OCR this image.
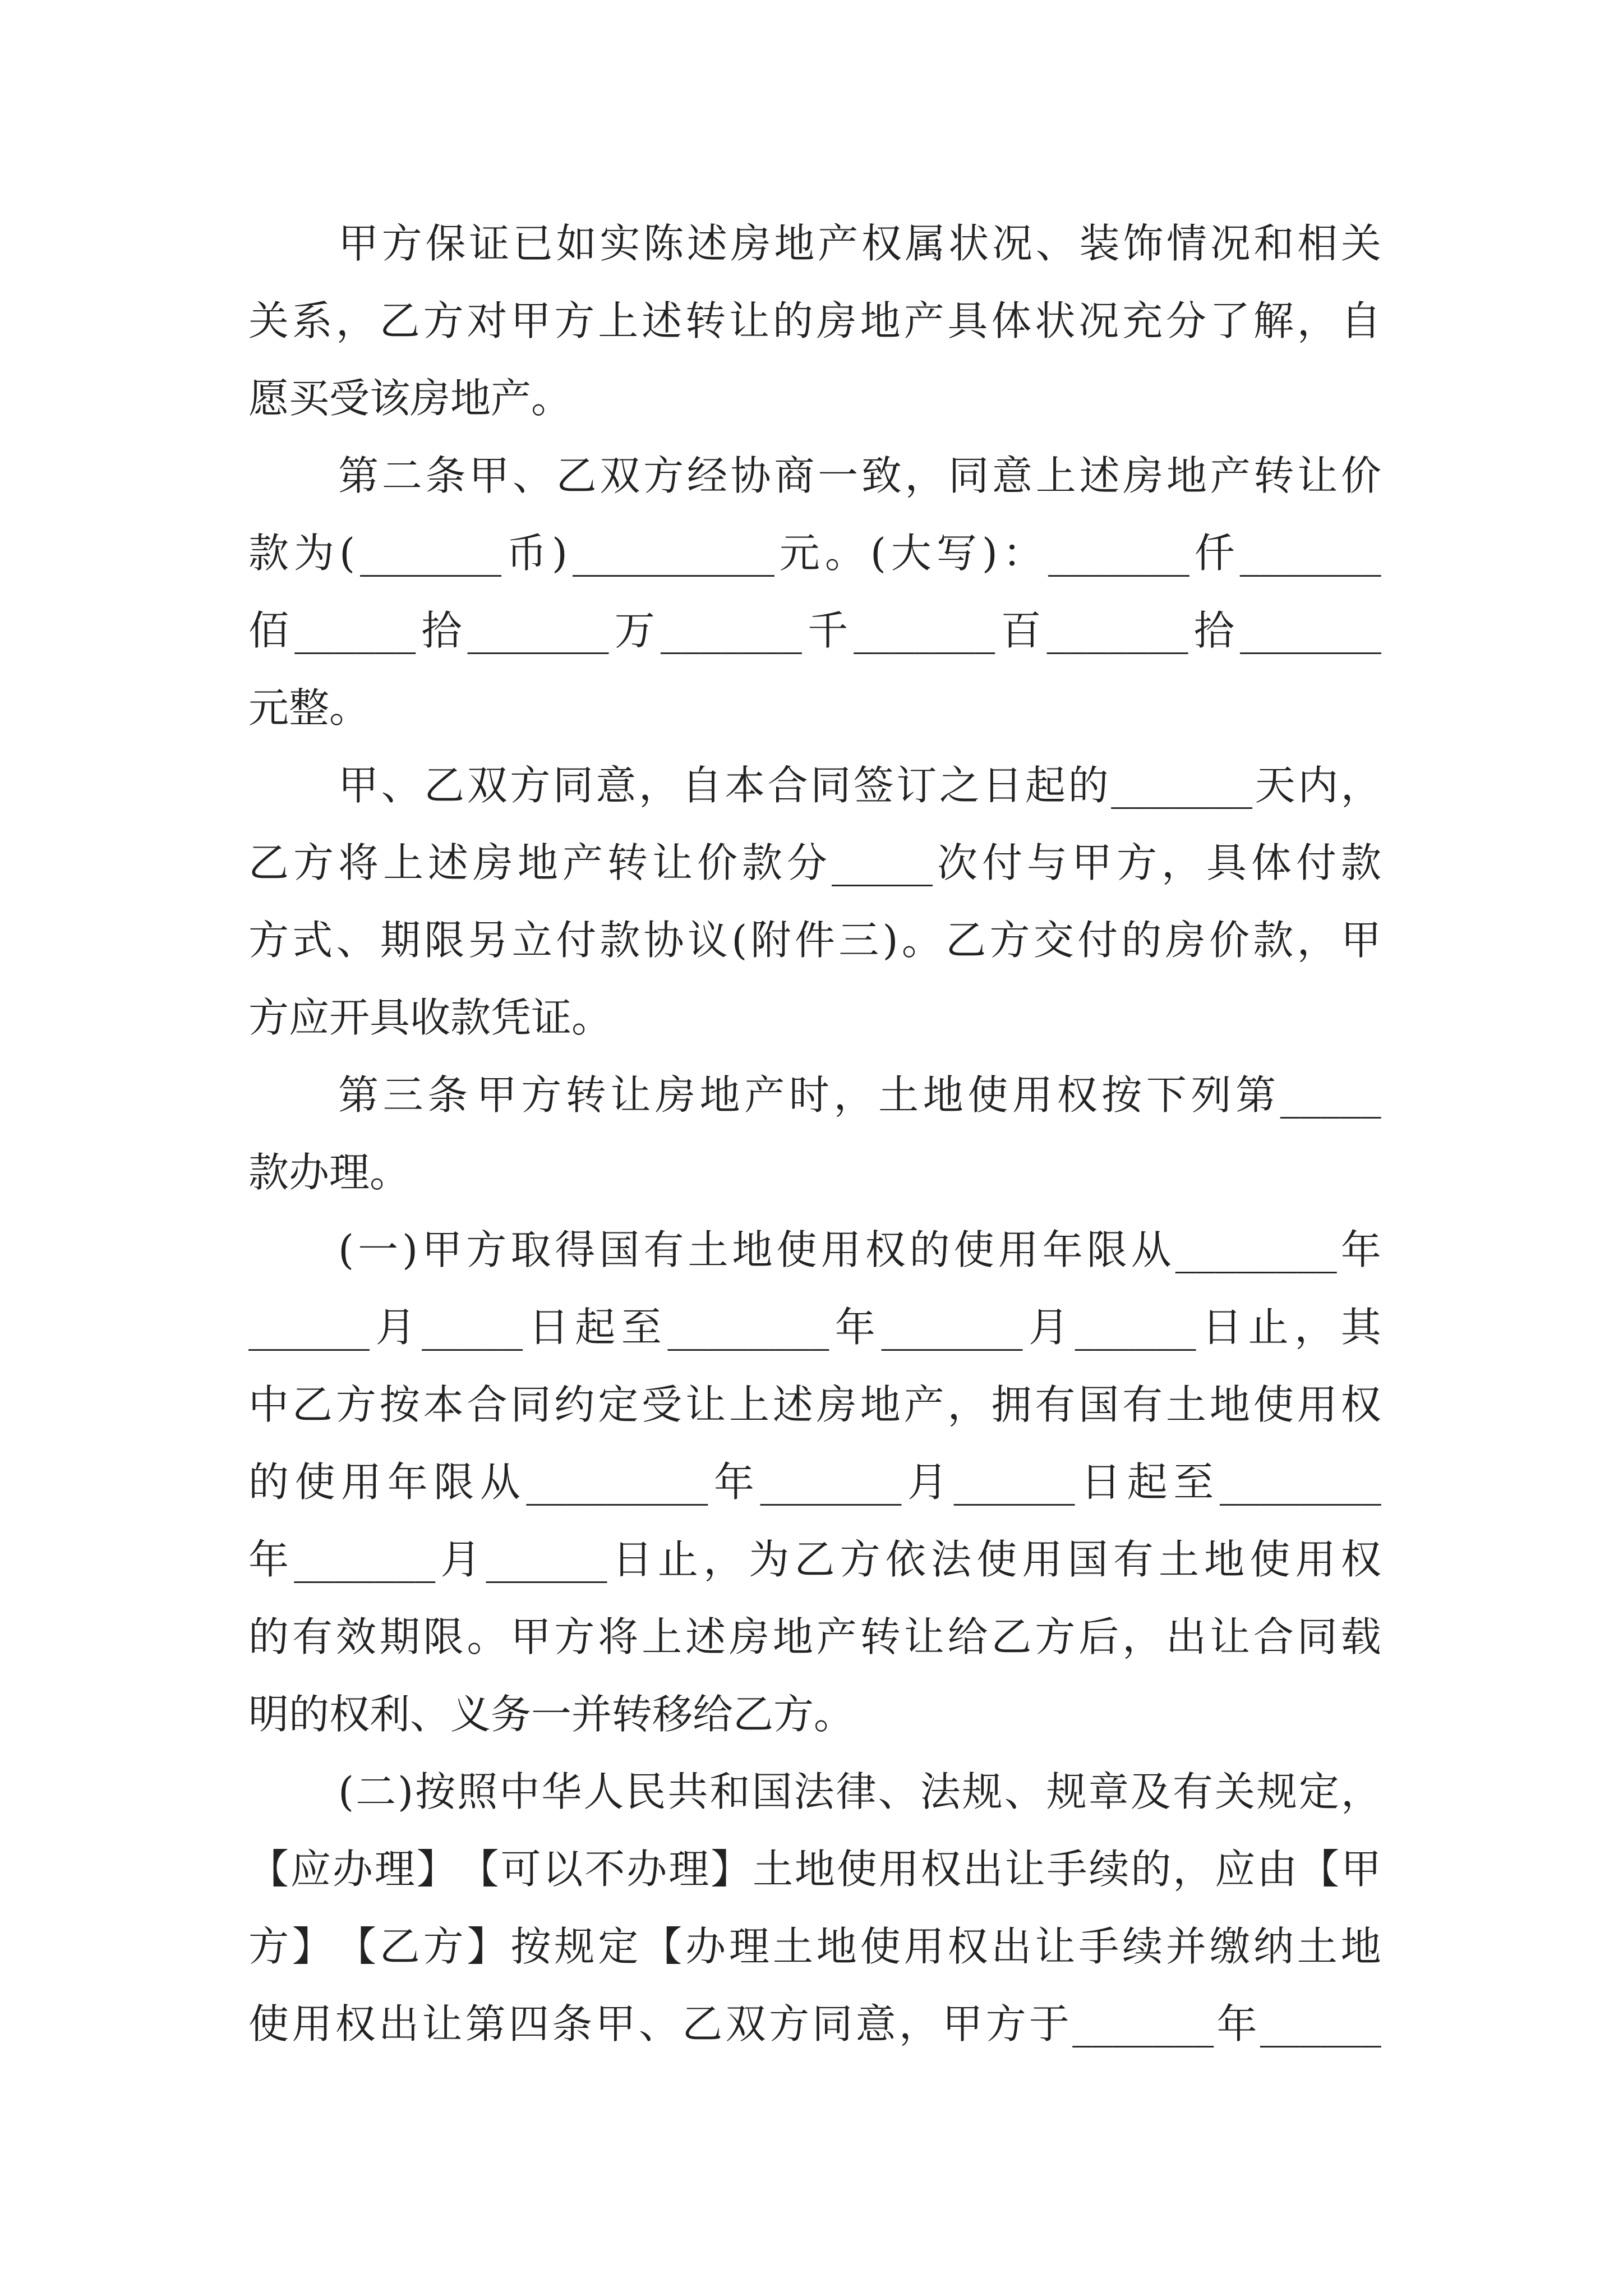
甲 方 保 证 已 如 实 陈 述 房 地 产 权 属 状 况 、 装 饰 情 况 和 相 关
关 系 ， 乙 方 对 甲 方 上 述 转 让 的 房 地 产 具 体 状 况 充 分 了 解 ， 自
愿买受该房地产。
第 二 条 甲 、 乙 双 方 经 协 商 一 致 ， 同 意 上 述 房 地 产 转 让 价
款 为 ( _______ 币 ) __________ 元 。 ( 大 写 ) ： _______ 仟 _______
佰 ______ 拾 _______ 万 _______ 千 _______ 百 _______ 拾 _______
元整。
甲 、 乙 双 方 同 意 ， 自 本 合 同 签 订 之 日 起 的 _______ 天 内 ，
乙 方 将 上 述 房 地 产 转 让 价 款 分 _____ 次 付 与 甲 方 ， 具 体 付 款
方 式 、 期 限 另 立 付 款 协 议 ( 附 件 三 ) 。 乙 方 交 付 的 房 价 款 ， 甲
方应开具收款凭证。
第 三 条 甲 方 转 让 房 地 产 时 ， 土 地 使 用 权 按 下 列 第 _____
款办理。
( 一 ) 甲 方 取 得 国 有 土 地 使 用 权 的 使 用 年 限 从 ________ 年
______ 月 _____ 日 起 至 ________ 年 _______ 月 ______ 日 止 ， 其
中 乙 方 按 本 合 同 约 定 受 让 上 述 房 地 产 ， 拥 有 国 有 土 地 使 用 权
的 使 用 年 限 从 _________ 年 _______ 月 ______ 日 起 至 ________
年 _______ 月 ______ 日 止 ， 为 乙 方 依 法 使 用 国 有 土 地 使 用 权
的 有 效 期 限 。 甲 方 将 上 述 房 地 产 转 让 给 乙 方 后 ， 出 让 合 同 载
明的权利、义务一并转移给乙方。
( 二 ) 按 照 中 华 人 民 共 和 国 法 律 、 法 规 、 规 章 及 有 关 规 定 ，
【 应 办 理 】 【 可 以 不 办 理 】 土 地 使 用 权 出 让 手 续 的 ， 应 由 【 甲
方 】 【 乙 方 】 按 规 定 【 办 理 土 地 使 用 权 出 让 手 续 并 缴 纳 土 地
使 用 权 出 让 第 四 条 甲 、 乙 双 方 同 意 ， 甲 方 于 _______ 年 ______
